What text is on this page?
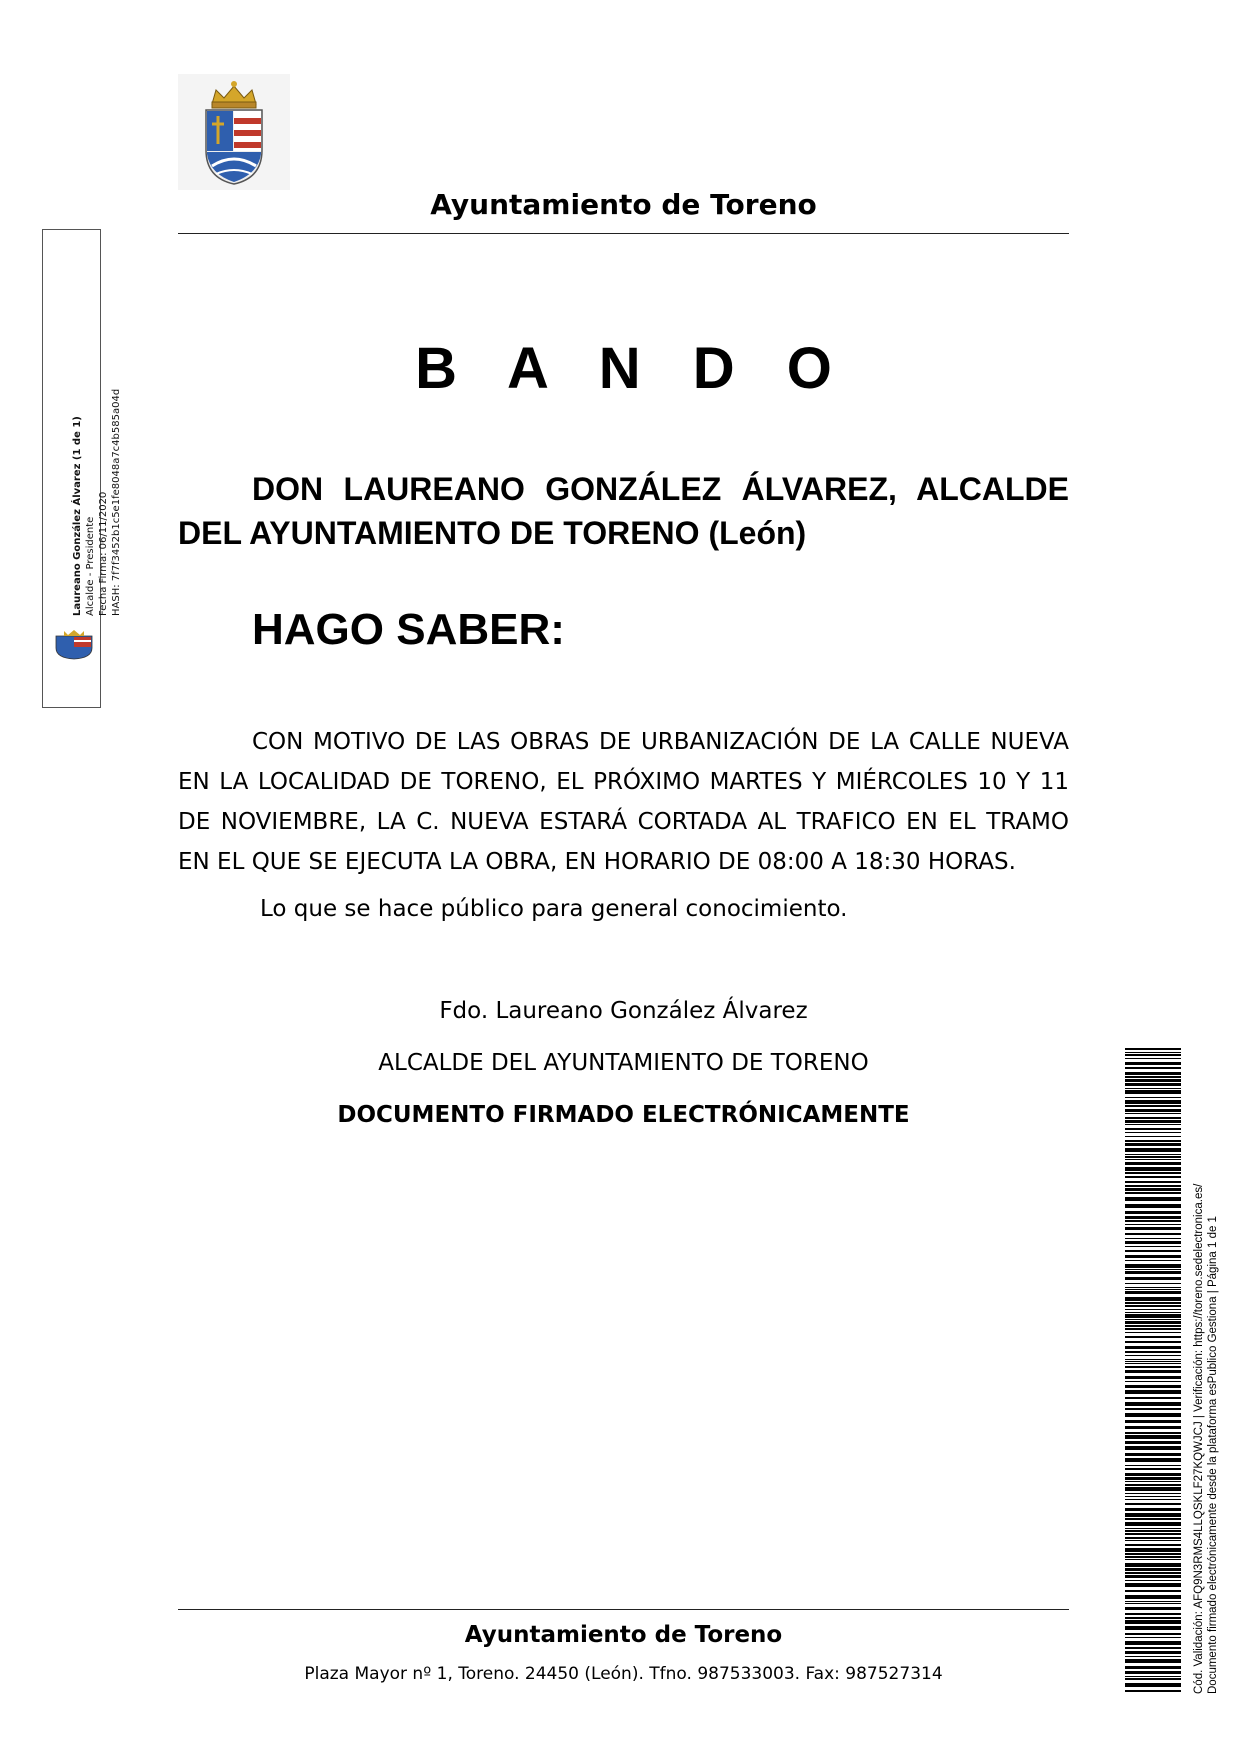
Ayuntamiento de Toreno
B A N D O
DON LAUREANO GONZÁLEZ ÁLVAREZ, ALCALDE DEL AYUNTAMIENTO DE TORENO (León)
HAGO SABER:
CON MOTIVO DE LAS OBRAS DE URBANIZACIÓN DE LA CALLE NUEVA EN LA LOCALIDAD DE TORENO, EL PRÓXIMO MARTES Y MIÉRCOLES 10 Y 11 DE NOVIEMBRE, LA C. NUEVA ESTARÁ CORTADA AL TRAFICO EN EL TRAMO EN EL QUE SE EJECUTA LA OBRA, EN HORARIO DE 08:00 A 18:30 HORAS.
Lo que se hace público para general conocimiento.
Fdo. Laureano González Álvarez
ALCALDE DEL AYUNTAMIENTO DE TORENO
DOCUMENTO FIRMADO ELECTRÓNICAMENTE
Ayuntamiento de Toreno
Plaza Mayor nº 1, Toreno. 24450 (León). Tfno. 987533003. Fax: 987527314
Laureano González Álvarez (1 de 1) Alcalde - Presidente Fecha Firma: 06/11/2020 HASH: 7f7f3452b1c5e1fe8048a7c4b585a04d
Cód. Validación: AFQ9N3RMS4LLQSKLF27KQWJCJ | Verificación: https://toreno.sedelectronica.es/ Documento firmado electrónicamente desde la plataforma esPublico Gestiona | Página 1 de 1
